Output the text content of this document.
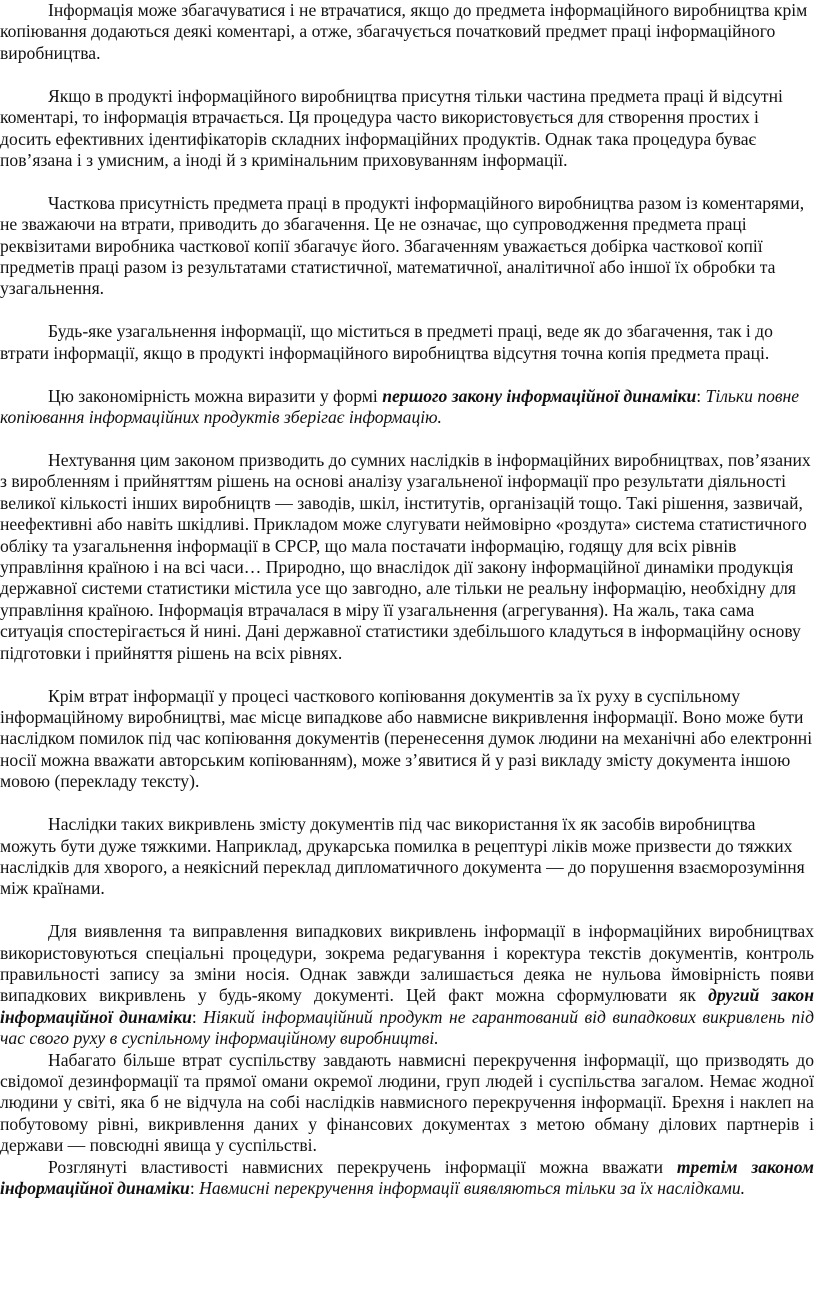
Інформація може збагачуватися і не втрачатися, якщо до предмета інформаційного виробництва крім копіювання додаються деякі коментарі, а отже, збагачується початковий предмет праці інформаційного виробництва.

Якщо в продукті інформаційного виробництва присутня тільки частина предмета праці й відсутні коментарі, то інформація втрачається. Ця процедура часто використовується для створення простих і досить ефективних ідентифікаторів складних інформаційних продуктів. Однак така процедура буває пов’язана і з умисним, а іноді й з кримінальним приховуванням інформації.

Часткова присутність предмета праці в продукті інформаційного виробництва разом із коментарями, не зважаючи на втрати, приводить до збагачення. Це не означає, що супроводження предмета праці реквізитами виробника часткової копії збагачує його. Збагаченням уважається добірка часткової копії предметів праці разом із результатами статистичної, математичної, аналітичної або іншої їх обробки та узагальнення.

Будь-яке узагальнення інформації, що міститься в предметі праці, веде як до збагачення, так і до втрати інформації, якщо в продукті інформаційного виробництва відсутня точна копія предмета праці.

Цю закономірність можна виразити у формі першого закону інформаційної динаміки: Тільки повне копіювання інформаційних продуктів зберігає інформацію.

Нехтування цим законом призводить до сумних наслідків в інформаційних виробництвах, пов’язаних з виробленням і прийняттям рішень на основі аналізу узагальненої інформації про результати діяльності великої кількості інших виробництв — заводів, шкіл, інститутів, організацій тощо. Такі рішення, зазвичай, неефективні або навіть шкідливі. Прикладом може слугувати неймовірно «роздута» система статистичного обліку та узагальнення інформації в СРСР, що мала постачати інформацію, годящу для всіх рівнів управління країною і на всі часи… Природно, що внаслідок дії закону інформаційної динаміки продукція державної системи статистики містила усе що завгодно, але тільки не реальну інформацію, необхідну для управління країною. Інформація втрачалася в міру її узагальнення (агрегування). На жаль, така сама ситуація спостерігається й нині. Дані державної статистики здебільшого кладуться в інформаційну основу підготовки і прийняття рішень на всіх рівнях.

Крім втрат інформації у процесі часткового копіювання документів за їх руху в суспільному інформаційному виробництві, має місце випадкове або навмисне викривлення інформації. Воно може бути наслідком помилок під час копіювання документів (перенесення думок людини на механічні або електронні носії можна вважати авторським копіюванням), може з’явитися й у разі викладу змісту документа іншою мовою (перекладу тексту).

Наслідки таких викривлень змісту документів під час використання їх як засобів виробництва можуть бути дуже тяжкими. Наприклад, друкарська помилка в рецептурі ліків може призвести до тяжких наслідків для хворого, а неякісний переклад дипломатичного документа — до порушення взаєморозуміння між країнами.

Для виявлення та виправлення випадкових викривлень інформації в інформаційних виробництвах використовуються спеціальні процедури, зокрема редагування і коректура текстів документів, контроль правильності запису за зміни носія. Однак завжди залишається деяка не нульова ймовірність появи випадкових викривлень у будь-якому документі. Цей факт можна сформулювати як другий закон інформаційної динаміки: Ніякий інформаційний продукт не гарантований від випадкових викривлень під час свого руху в суспільному інформаційному виробництві.

Набагато більше втрат суспільству завдають навмисні перекручення інформації, що призводять до свідомої дезинформації та прямої омани окремої людини, груп людей і суспільства загалом. Немає жодної людини у світі, яка б не відчула на собі наслідків навмисного перекручення інформації. Брехня і наклеп на побутовому рівні, викривлення даних у фінансових документах з метою обману ділових партнерів і держави — повсюдні явища у суспільстві.

Розглянуті властивості навмисних перекручень інформації можна вважати третім законом інформаційної динаміки: Навмисні перекручення інформації виявляються тільки за їх наслідками.
